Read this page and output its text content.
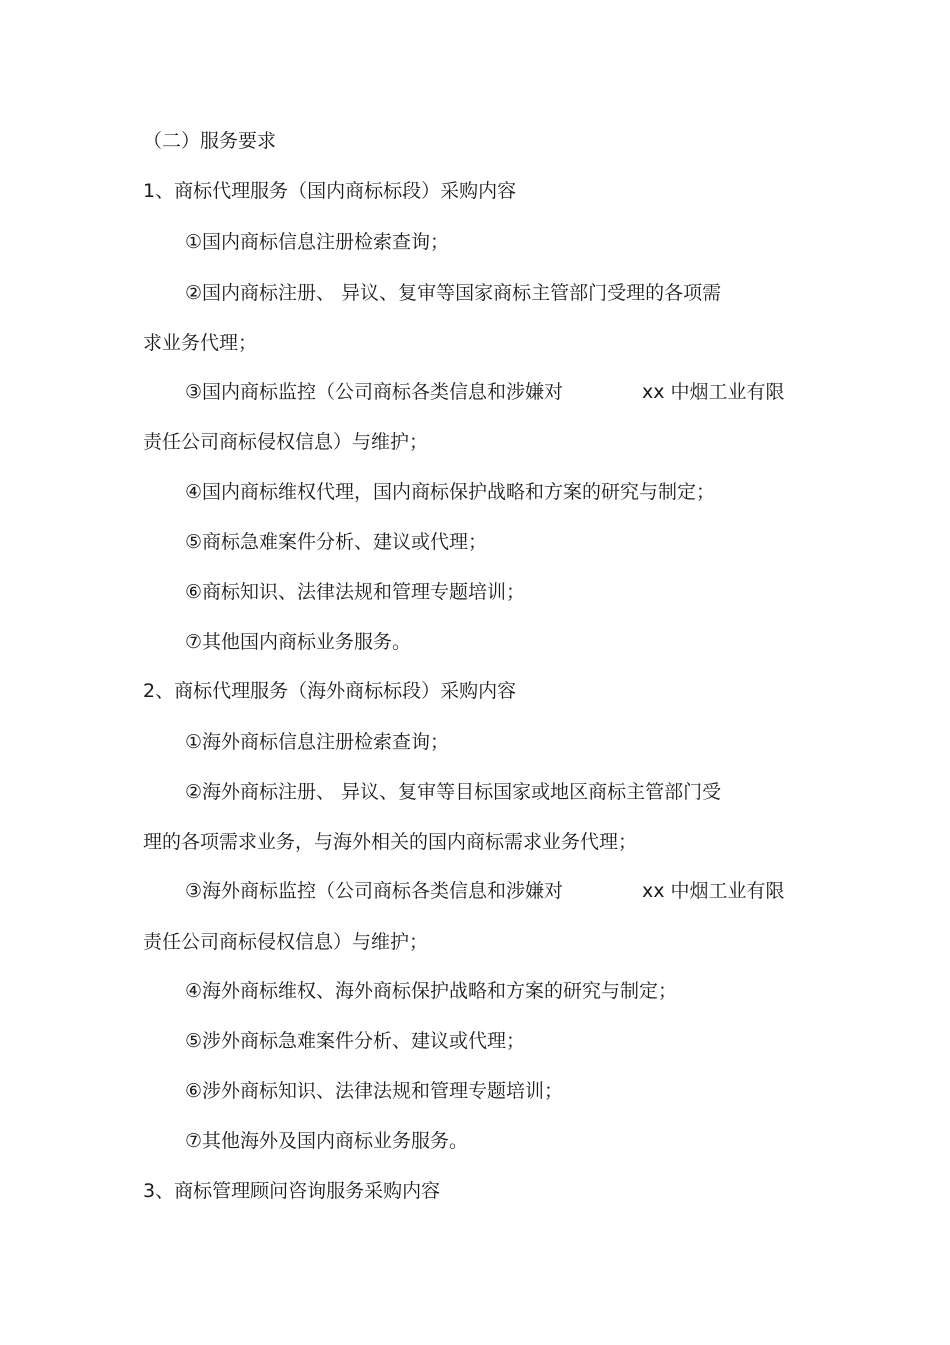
（二）服务要求
1、商标代理服务（国内商标标段）采购内容
①国内商标信息注册检索查询；
②国内商标注册、 异议、复审等国家商标主管部门受理的各项需
求业务代理；
③国内商标监控（公司商标各类信息和涉嫌对	xx 中烟工业有限
责任公司商标侵权信息）与维护；
④国内商标维权代理，国内商标保护战略和方案的研究与制定；
⑤商标急难案件分析、建议或代理；
⑥商标知识、法律法规和管理专题培训；
⑦其他国内商标业务服务。
2、商标代理服务（海外商标标段）采购内容
①海外商标信息注册检索查询；
②海外商标注册、 异议、复审等目标国家或地区商标主管部门受
理的各项需求业务，与海外相关的国内商标需求业务代理；
③海外商标监控（公司商标各类信息和涉嫌对	xx 中烟工业有限
责任公司商标侵权信息）与维护；
④海外商标维权、海外商标保护战略和方案的研究与制定；
⑤涉外商标急难案件分析、建议或代理；
⑥涉外商标知识、法律法规和管理专题培训；
⑦其他海外及国内商标业务服务。
3、商标管理顾问咨询服务采购内容
